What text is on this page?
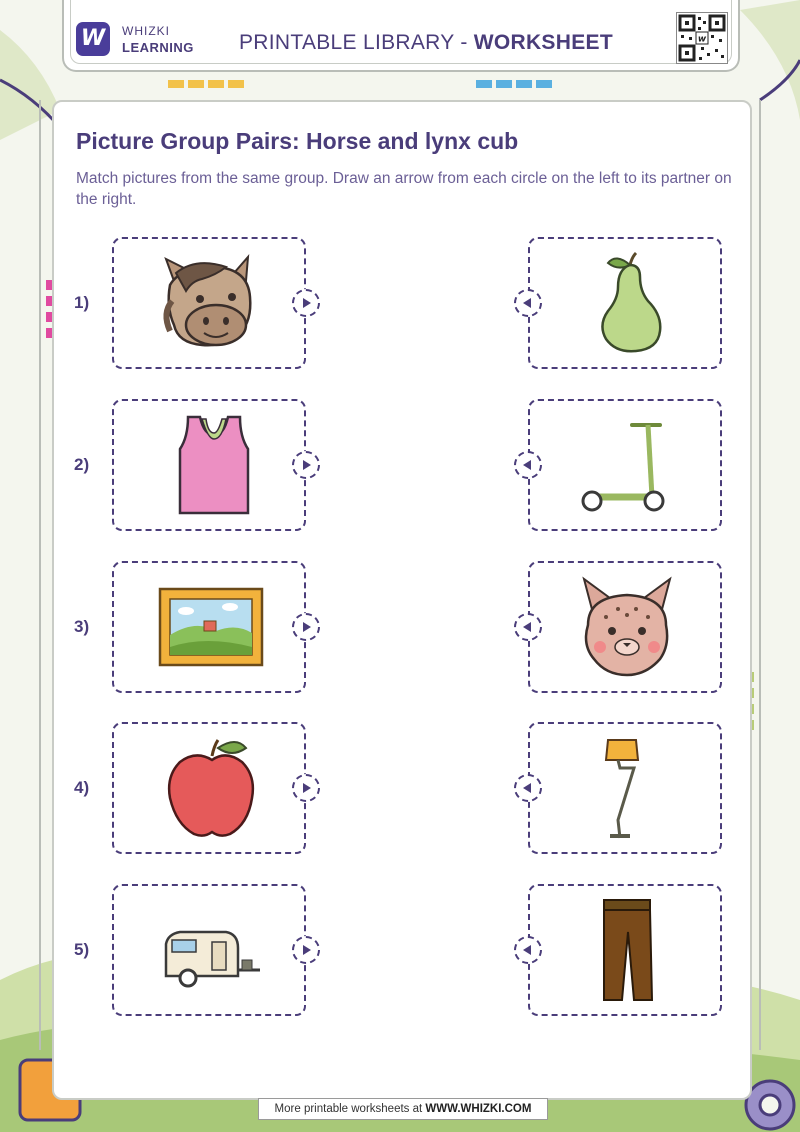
W	WHIZKI
LEARNING PRINTABLE LIBRARY - WORKSHEET	w
Picture Group Pairs: Horse and lynx cub
Match pictures from the same group. Draw an arrow from each circle on the left to its partner on the right.
1)
2)
3)
4)
5)
More printable worksheets at WWW.WHIZKI.COM
